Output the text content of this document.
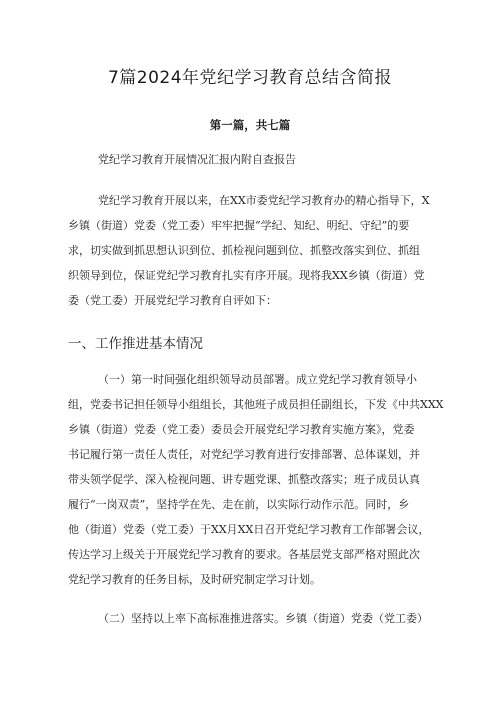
7篇2024年党纪学习教育总结含简报
第一篇，共七篇
党纪学习教育开展情况汇报内附自查报告
党纪学习教育开展以来，在XX市委党纪学习教育办的精心指导下，X
乡镇（街道）党委（党工委）牢牢把握“学纪、知纪、明纪、守纪”的要
求，切实做到抓思想认识到位、抓检视问题到位、抓整改落实到位、抓组
织领导到位，保证党纪学习教育扎实有序开展。现将我XX乡镇（街道）党
委（党工委）开展党纪学习教育自评如下：
一、工作推进基本情况
（一）第一时间强化组织领导动员部署。成立党纪学习教育领导小
组，党委书记担任领导小组组长，其他班子成员担任副组长，下发《中共XXX
乡镇（街道）党委（党工委）委员会开展党纪学习教育实施方案》，党委
书记履行第一责任人责任，对党纪学习教育进行安排部署、总体谋划，并
带头领学促学、深入检视问题、讲专题党课、抓整改落实；班子成员认真
履行“一岗双责”，坚持学在先、走在前，以实际行动作示范。同时，乡
他（街道）党委（党工委）于XX月XX日召开党纪学习教育工作部署会议，
传达学习上级关于开展党纪学习教育的要求。各基层党支部严格对照此次
党纪学习教育的任务目标，及时研究制定学习计划。
（二）坚持以上率下高标准推进落实。乡镇（街道）党委（党工委）
